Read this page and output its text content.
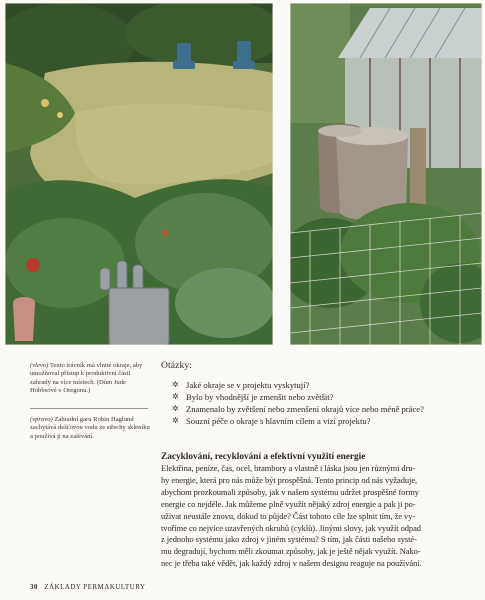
(vlevo) Tento trávník má vlnité okraje, aby umožňoval přístup k produktivní části zahrady na více místech. (Dům Jude Hobbsové v Oregonu.)
(vpravo) Zahradní garu Robin Haglund zachytává dešťovou vodu ze střechy skleníku a používá ji na zalévání.
Otázky:
✲ Jaké okraje se v projektu vyskytují?
✲ Bylo by vhodnější je zmenšit nebo zvětšit?
✲ Znamenalo by zvětšení nebo zmenšení okrajů více nebo méně práce?
✲ Souzní péče o okraje s hlavním cílem a vizí projektu?
Zacyklování, recyklování a efektivní využití energie
Elektřina, peníze, čas, ocel, brambory a vlastně i láska jsou jen různými dru-
hy energie, která pro nás může být prospěšná. Tento princip od nás vyžaduje,
abychom prozkoumali způsoby, jak v našem systému udržet prospěšné formy
energie co nejdéle. Jak můžeme plně využít nějaký zdroj energie a pak ji po-
užívat neustále znovu, dokud to půjde? Část tohoto cíle lze splnit tím, že vy-
tvoříme co nejvíce uzavřených okruhů (cyklů). Jinými slovy, jak využít odpad
z jednoho systému jako zdroj v jiném systému? S tím, jak části našeho systé-
mu degradují, bychom měli zkoumat způsoby, jak je ještě nějak využít. Nako-
nec je třeba také vědět, jak každý zdroj v našem designu reaguje na používání.
30 ZÁKLADY PERMAKULTURY
